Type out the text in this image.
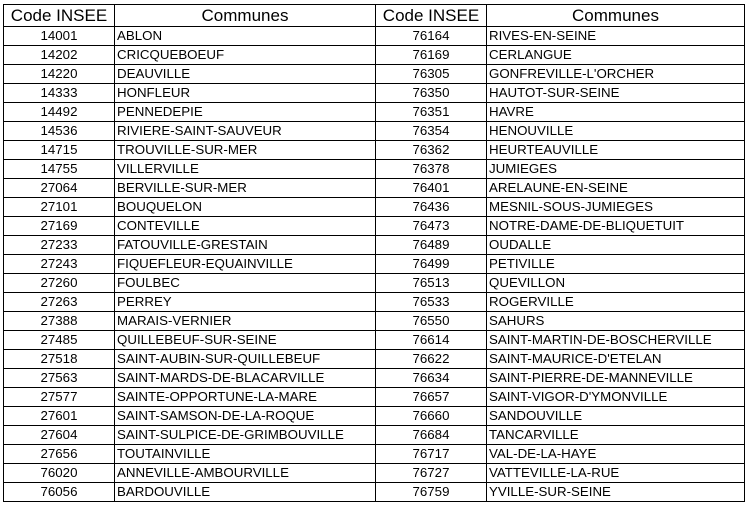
Code INSEE	Communes	Code INSEE	Communes
14001	ABLON	76164	RIVES-EN-SEINE
14202	CRICQUEBOEUF	76169	CERLANGUE
14220	DEAUVILLE	76305	GONFREVILLE-L'ORCHER
14333	HONFLEUR	76350	HAUTOT-SUR-SEINE
14492	PENNEDEPIE	76351	HAVRE
14536	RIVIERE-SAINT-SAUVEUR	76354	HENOUVILLE
14715	TROUVILLE-SUR-MER	76362	HEURTEAUVILLE
14755	VILLERVILLE	76378	JUMIEGES
27064	BERVILLE-SUR-MER	76401	ARELAUNE-EN-SEINE
27101	BOUQUELON	76436	MESNIL-SOUS-JUMIEGES
27169	CONTEVILLE	76473	NOTRE-DAME-DE-BLIQUETUIT
27233	FATOUVILLE-GRESTAIN	76489	OUDALLE
27243	FIQUEFLEUR-EQUAINVILLE	76499	PETIVILLE
27260	FOULBEC	76513	QUEVILLON
27263	PERREY	76533	ROGERVILLE
27388	MARAIS-VERNIER	76550	SAHURS
27485	QUILLEBEUF-SUR-SEINE	76614	SAINT-MARTIN-DE-BOSCHERVILLE
27518	SAINT-AUBIN-SUR-QUILLEBEUF	76622	SAINT-MAURICE-D'ETELAN
27563	SAINT-MARDS-DE-BLACARVILLE	76634	SAINT-PIERRE-DE-MANNEVILLE
27577	SAINTE-OPPORTUNE-LA-MARE	76657	SAINT-VIGOR-D'YMONVILLE
27601	SAINT-SAMSON-DE-LA-ROQUE	76660	SANDOUVILLE
27604	SAINT-SULPICE-DE-GRIMBOUVILLE	76684	TANCARVILLE
27656	TOUTAINVILLE	76717	VAL-DE-LA-HAYE
76020	ANNEVILLE-AMBOURVILLE	76727	VATTEVILLE-LA-RUE
76056	BARDOUVILLE	76759	YVILLE-SUR-SEINE
